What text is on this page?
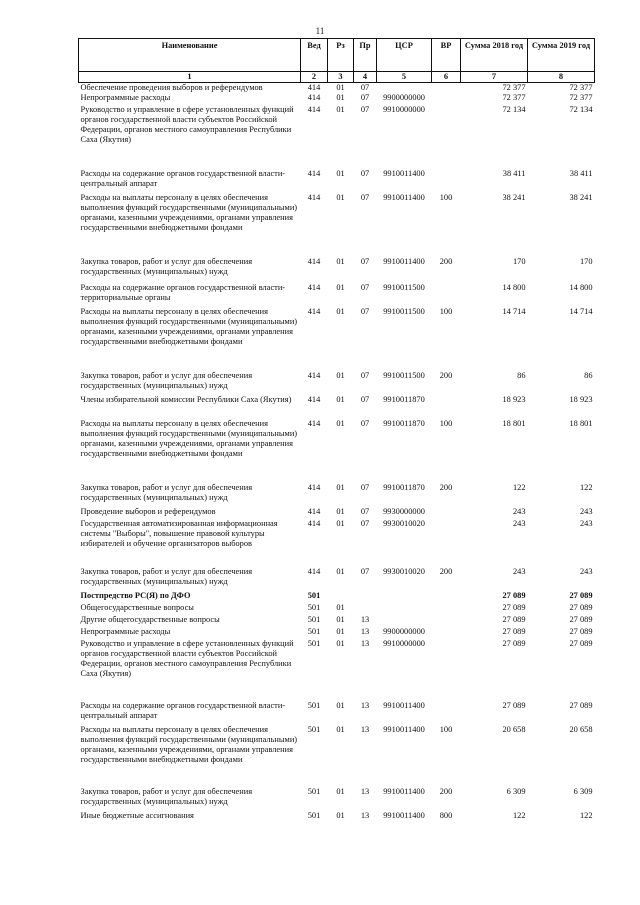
11
Наименование	Вед	Рз	Пр	ЦСР	ВР	Сумма 2018 год	Сумма 2019 год
1	2	3	4	5	6	7	8
Обеспечение проведения выборов и референдумов	414	01	07			72 377	72 377
Непрограммные расходы	414	01	07	9900000000		72 377	72 377
Руководство и управление в сфере установленных функций органов государственной власти субъектов Российской Федерации, органов местного самоуправления Республики Саха (Якутия)	414	01	07	9910000000		72 134	72 134
Расходы на содержание органов государственной власти- центральный аппарат	414	01	07	9910011400		38 411	38 411
Расходы на выплаты персоналу в целях обеспечения выполнения функций государственными (муниципальными) органами, казенными учреждениями, органами управления государственными внебюджетными фондами	414	01	07	9910011400	100	38 241	38 241
Закупка товаров, работ и услуг для обеспечения государственных (муниципальных) нужд	414	01	07	9910011400	200	170	170
Расходы на содержание органов государственной власти- территориальные органы	414	01	07	9910011500		14 800	14 800
Расходы на выплаты персоналу в целях обеспечения выполнения функций государственными (муниципальными) органами, казенными учреждениями, органами управления государственными внебюджетными фондами	414	01	07	9910011500	100	14 714	14 714
Закупка товаров, работ и услуг для обеспечения государственных (муниципальных) нужд	414	01	07	9910011500	200	86	86
Члены избирательной комиссии Республики Саха (Якутия)	414	01	07	9910011870		18 923	18 923
Расходы на выплаты персоналу в целях обеспечения выполнения функций государственными (муниципальными) органами, казенными учреждениями, органами управления государственными внебюджетными фондами	414	01	07	9910011870	100	18 801	18 801
Закупка товаров, работ и услуг для обеспечения государственных (муниципальных) нужд	414	01	07	9910011870	200	122	122
Проведение выборов и референдумов	414	01	07	9930000000		243	243
Государственная автоматизированная информационная системы "Выборы", повышение правовой культуры избирателей и обучение организаторов выборов	414	01	07	9930010020		243	243
Закупка товаров, работ и услуг для обеспечения государственных (муниципальных) нужд	414	01	07	9930010020	200	243	243
Постпредство РС(Я) по ДФО	501					27 089	27 089
Общегосударственные вопросы	501	01				27 089	27 089
Другие общегосударственные вопросы	501	01	13			27 089	27 089
Непрограммные расходы	501	01	13	9900000000		27 089	27 089
Руководство и управление в сфере установленных функций органов государственной власти субъектов Российской Федерации, органов местного самоуправления Республики Саха (Якутия)	501	01	13	9910000000		27 089	27 089
Расходы на содержание органов государственной власти- центральный аппарат	501	01	13	9910011400		27 089	27 089
Расходы на выплаты персоналу в целях обеспечения выполнения функций государственными (муниципальными) органами, казенными учреждениями, органами управления государственными внебюджетными фондами	501	01	13	9910011400	100	20 658	20 658
Закупка товаров, работ и услуг для обеспечения государственных (муниципальных) нужд	501	01	13	9910011400	200	6 309	6 309
Иные бюджетные ассигнования	501	01	13	9910011400	800	122	122
